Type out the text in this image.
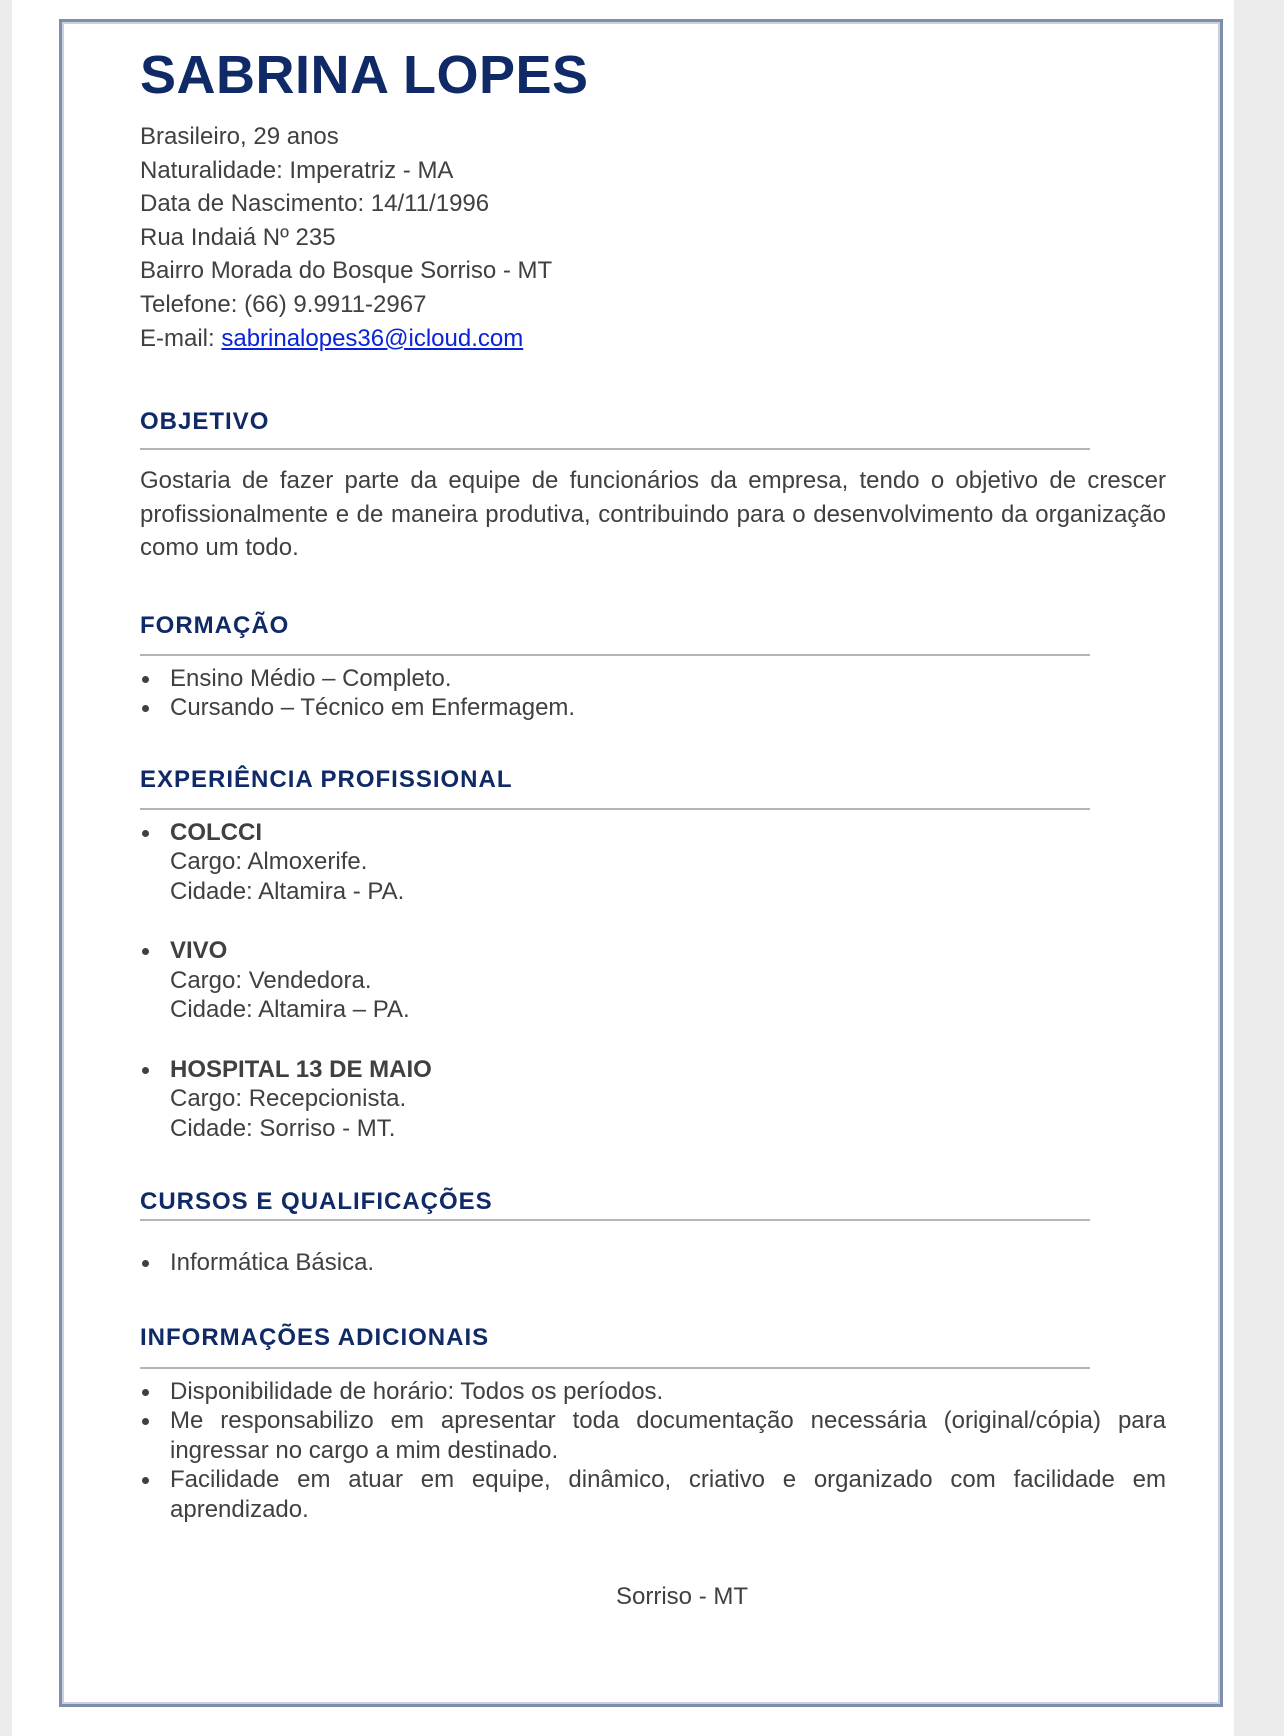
SABRINA LOPES
Brasileiro, 29 anos
Naturalidade: Imperatriz - MA
Data de Nascimento: 14/11/1996
Rua Indaiá Nº 235
Bairro Morada do Bosque Sorriso - MT
Telefone: (66) 9.9911-2967
E-mail: sabrinalopes36@icloud.com
OBJETIVO
Gostaria de fazer parte da equipe de funcionários da empresa, tendo o objetivo de crescer profissionalmente e de maneira produtiva, contribuindo para o desenvolvimento da organização como um todo.
FORMAÇÃO
Ensino Médio – Completo.
Cursando – Técnico em Enfermagem.
EXPERIÊNCIA PROFISSIONAL
COLCCI
Cargo: Almoxerife.
Cidade: Altamira - PA.
VIVO
Cargo: Vendedora.
Cidade: Altamira – PA.
HOSPITAL 13 DE MAIO
Cargo: Recepcionista.
Cidade: Sorriso - MT.
CURSOS E QUALIFICAÇÕES
Informática Básica.
INFORMAÇÕES ADICIONAIS
Disponibilidade de horário: Todos os períodos.
Me responsabilizo em apresentar toda documentação necessária (original/cópia) para ingressar no cargo a mim destinado.
Facilidade em atuar em equipe, dinâmico, criativo e organizado com facilidade em aprendizado.
Sorriso - MT
